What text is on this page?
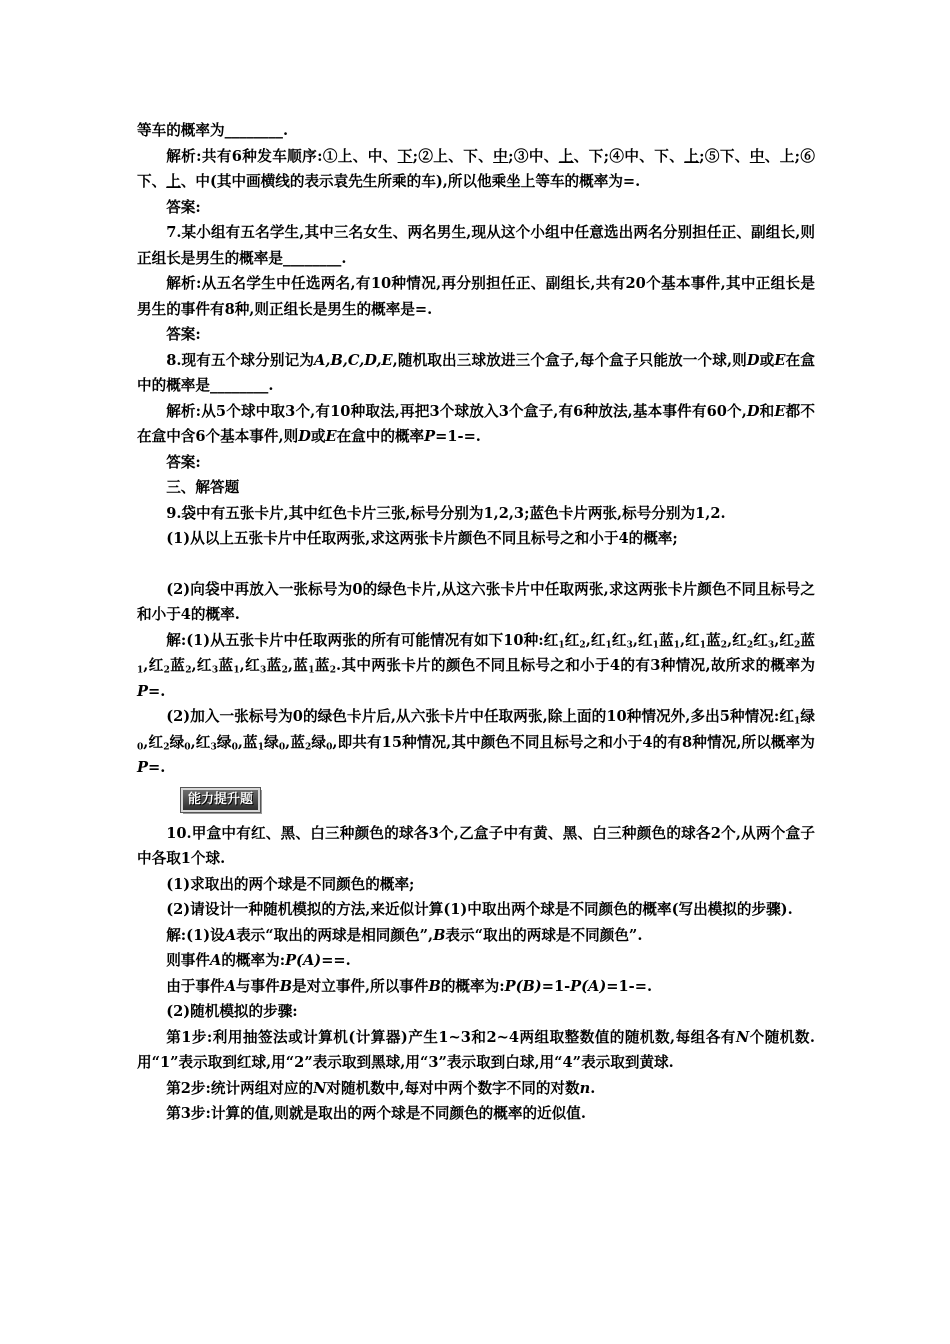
等车的概率为________.

解析:共有6种发车顺序:①上、中、下;②上、下、中;③中、上、下;④中、下、上;⑤下、中、上;⑥下、上、中(其中画横线的表示袁先生所乘的车),所以他乘坐上等车的概率为=.

答案:

7.某小组有五名学生,其中三名女生、两名男生,现从这个小组中任意选出两名分别担任正、副组长,则正组长是男生的概率是________.

解析:从五名学生中任选两名,有10种情况,再分别担任正、副组长,共有20个基本事件,其中正组长是男生的事件有8种,则正组长是男生的概率是=.

答案:

8.现有五个球分别记为A,B,C,D,E,随机取出三球放进三个盒子,每个盒子只能放一个球,则D或E在盒中的概率是________.

解析:从5个球中取3个,有10种取法,再把3个球放入3个盒子,有6种放法,基本事件有60个,D和E都不在盒中含6个基本事件,则D或E在盒中的概率P=1-=.

答案:

三、解答题

9.袋中有五张卡片,其中红色卡片三张,标号分别为1,2,3;蓝色卡片两张,标号分别为1,2.

(1)从以上五张卡片中任取两张,求这两张卡片颜色不同且标号之和小于4的概率;

(2)向袋中再放入一张标号为0的绿色卡片,从这六张卡片中任取两张,求这两张卡片颜色不同且标号之和小于4的概率.

解:(1)从五张卡片中任取两张的所有可能情况有如下10种:红$_1$红$_2$,红$_1$红$_3$,红$_1$蓝$_1$,红$_1$蓝$_2$,红$_2$红$_3$,红$_2$蓝$_1$,红$_2$蓝$_2$,红$_3$蓝$_1$,红$_3$蓝$_2$,蓝$_1$蓝$_2$.其中两张卡片的颜色不同且标号之和小于4的有3种情况,故所求的概率为P=.

(2)加入一张标号为0的绿色卡片后,从六张卡片中任取两张,除上面的10种情况外,多出5种情况:红$_1$绿$_0$,红$_2$绿$_0$,红$_3$绿$_0$,蓝$_1$绿$_0$,蓝$_2$绿$_0$,即共有15种情况,其中颜色不同且标号之和小于4的有8种情况,所以概率为P=.

能力提升题

10.甲盒中有红、黑、白三种颜色的球各3个,乙盒子中有黄、黑、白三种颜色的球各2个,从两个盒子中各取1个球.

(1)求取出的两个球是不同颜色的概率;

(2)请设计一种随机模拟的方法,来近似计算(1)中取出两个球是不同颜色的概率(写出模拟的步骤).

解:(1)设A表示“取出的两球是相同颜色”,B表示“取出的两球是不同颜色”.

则事件A的概率为:P(A)==.

由于事件A与事件B是对立事件,所以事件B的概率为:P(B)=1-P(A)=1-=.

(2)随机模拟的步骤:

第1步:利用抽签法或计算机(计算器)产生1~3和2~4两组取整数值的随机数,每组各有N个随机数.用“1”表示取到红球,用“2”表示取到黑球,用“3”表示取到白球,用“4”表示取到黄球.

第2步:统计两组对应的N对随机数中,每对中两个数字不同的对数n.

第3步:计算的值,则就是取出的两个球是不同颜色的概率的近似值.
